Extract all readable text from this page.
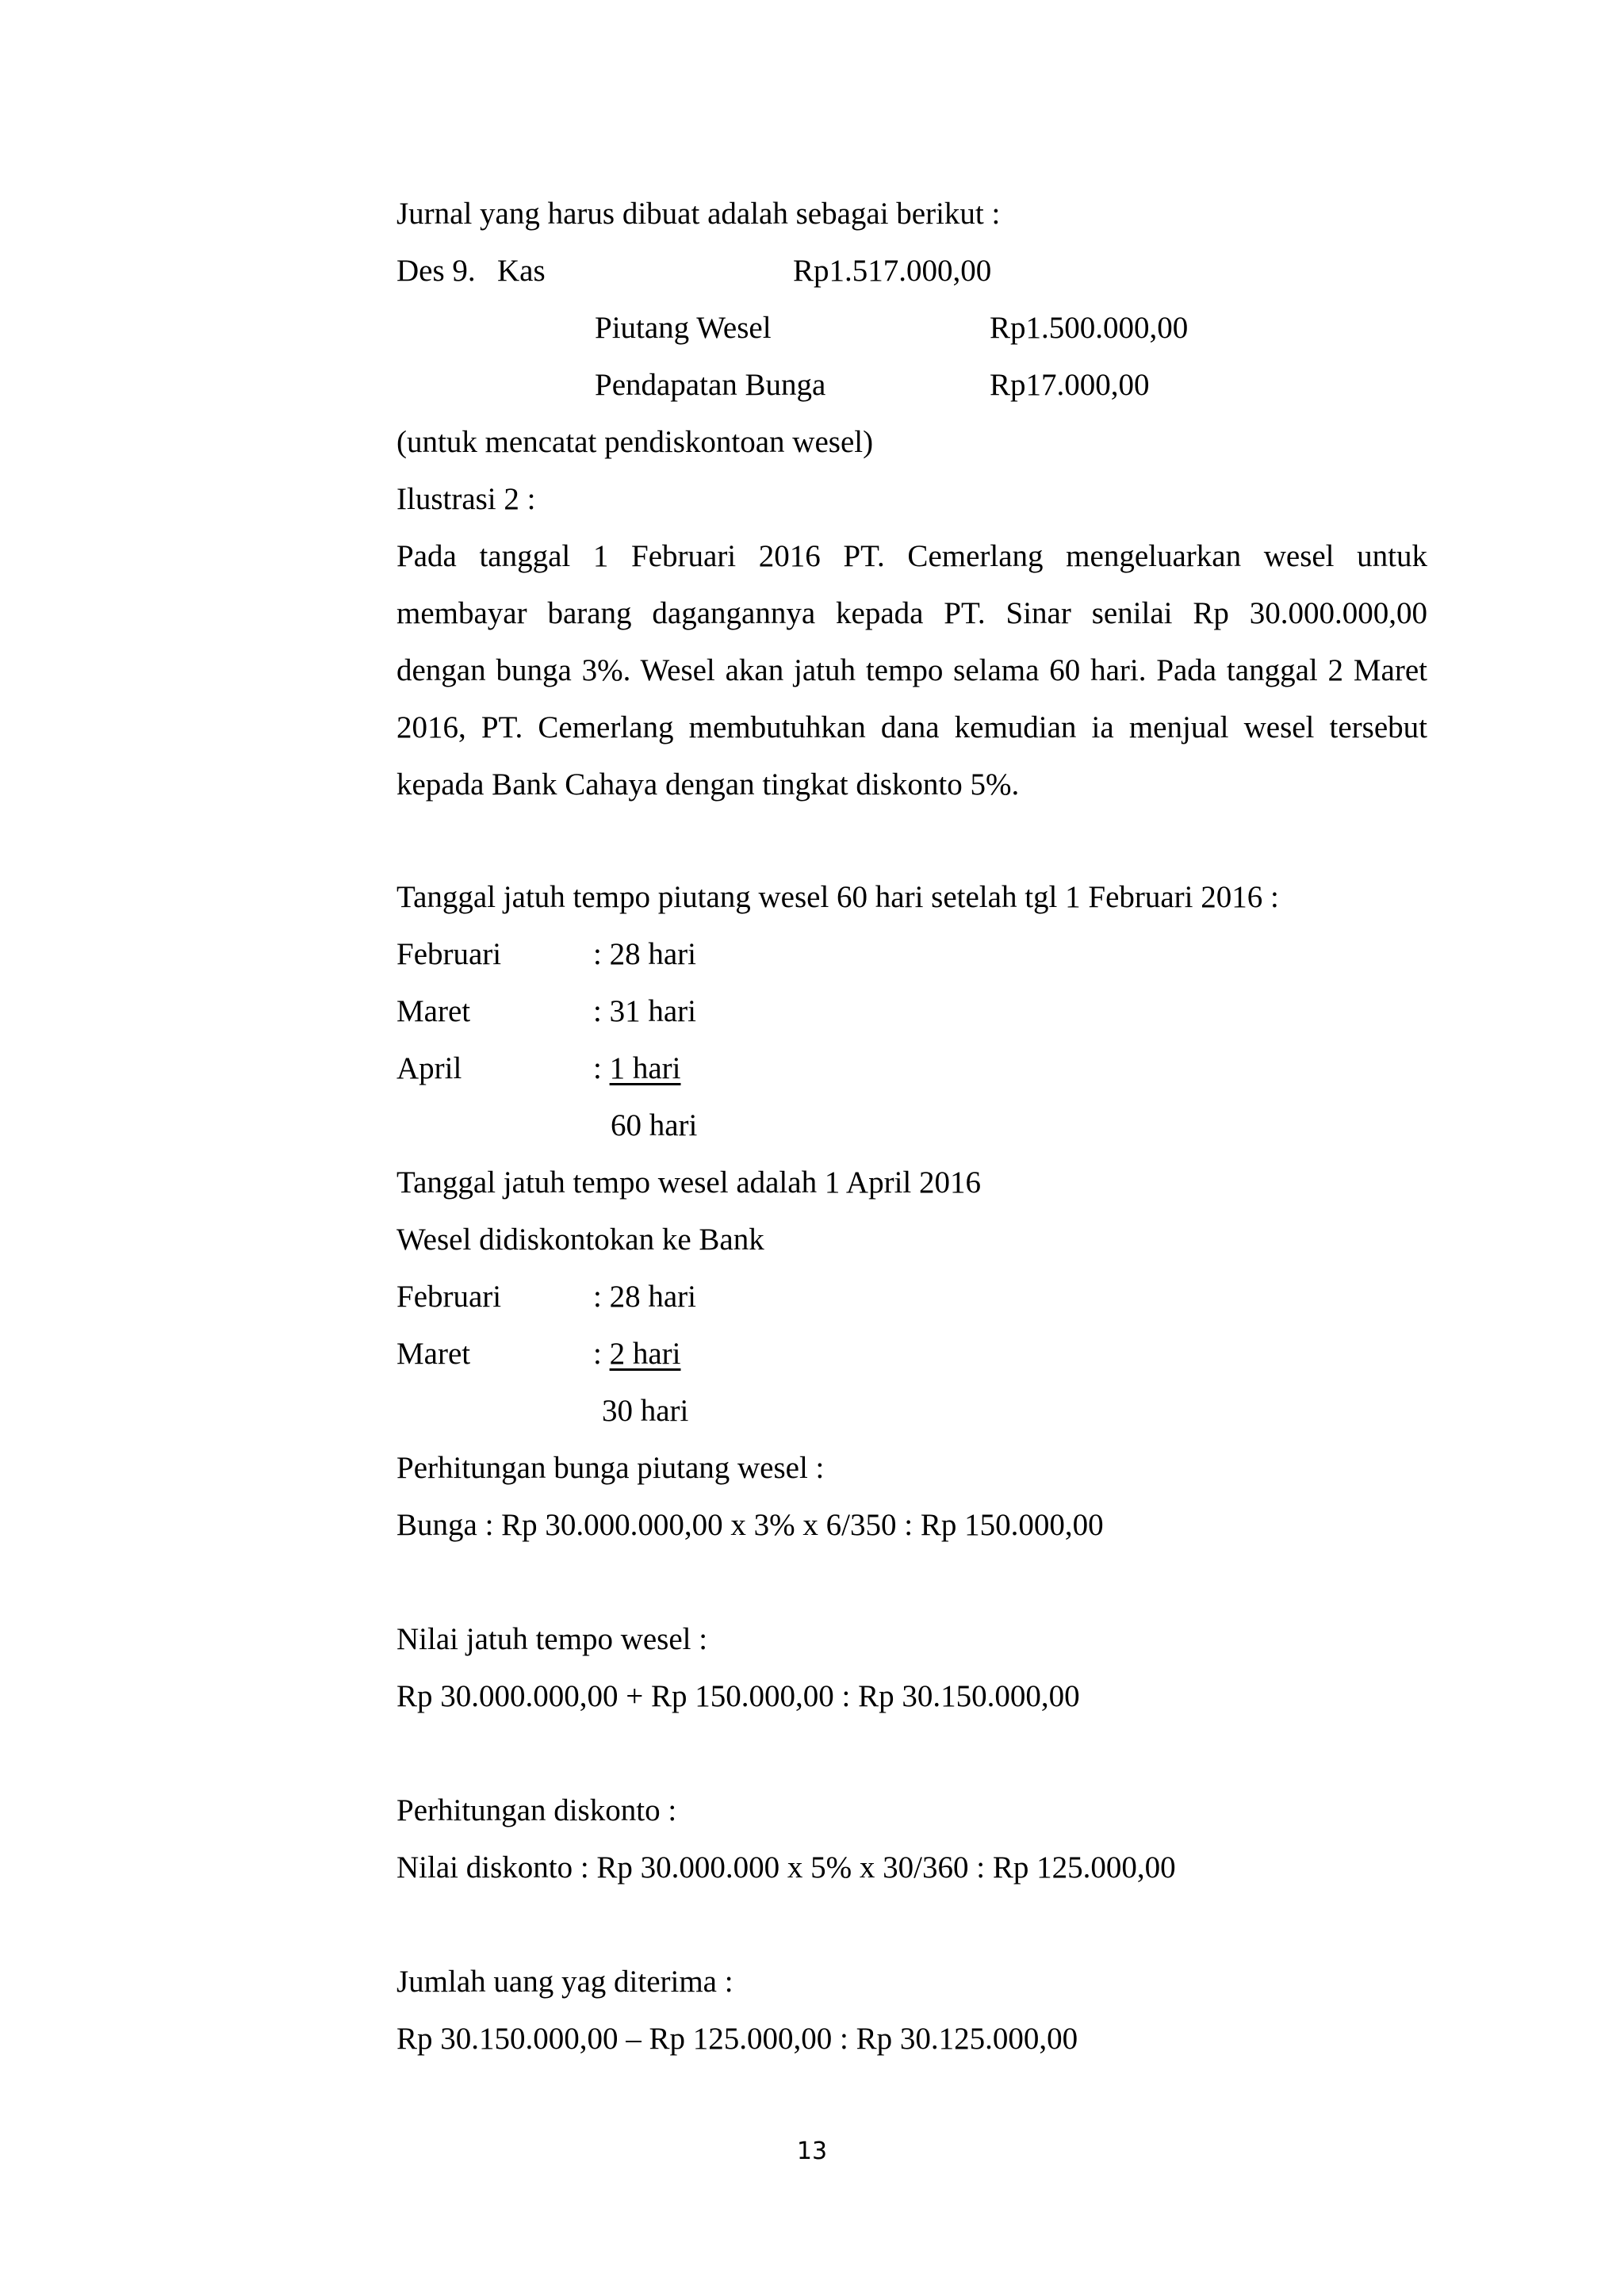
Jurnal yang harus dibuat adalah sebagai berikut :
Des 9. Kas	Rp1.517.000,00
Piutang Wesel	Rp1.500.000,00
Pendapatan Bunga	Rp17.000,00
(untuk mencatat pendiskontoan wesel)
Ilustrasi 2 :
Pada tanggal 1 Februari 2016 PT. Cemerlang mengeluarkan wesel untuk
membayar barang dagangannya kepada PT. Sinar senilai Rp 30.000.000,00
dengan bunga 3%. Wesel akan jatuh tempo selama 60 hari. Pada tanggal 2 Maret
2016, PT. Cemerlang membutuhkan dana kemudian ia menjual wesel tersebut
kepada Bank Cahaya dengan tingkat diskonto 5%.
Tanggal jatuh tempo piutang wesel 60 hari setelah tgl 1 Februari 2016 :
Februari	: 28 hari
Maret	: 31 hari
April	: 1 hari
60 hari
Tanggal jatuh tempo wesel adalah 1 April 2016
Wesel didiskontokan ke Bank
Februari	: 28 hari
Maret	: 2 hari
30 hari
Perhitungan bunga piutang wesel :
Bunga : Rp 30.000.000,00 x 3% x 6/350 : Rp 150.000,00
Nilai jatuh tempo wesel :
Rp 30.000.000,00 + Rp 150.000,00 : Rp 30.150.000,00
Perhitungan diskonto :
Nilai diskonto : Rp 30.000.000 x 5% x 30/360 : Rp 125.000,00
Jumlah uang yag diterima :
Rp 30.150.000,00 – Rp 125.000,00 : Rp 30.125.000,00
13
